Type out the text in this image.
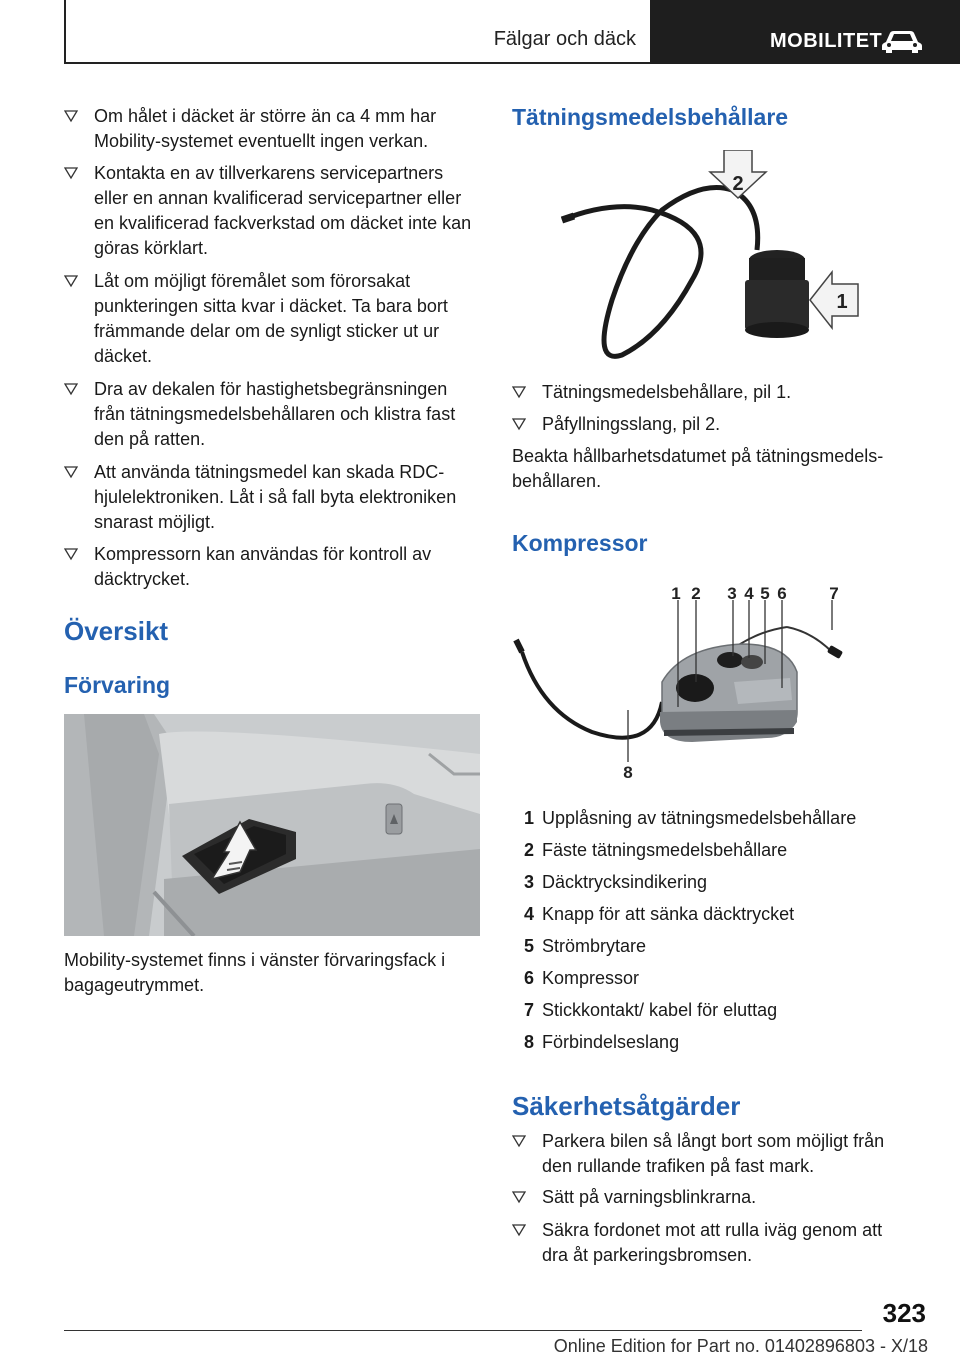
Fälgar och däck	MOBILITET
Om hålet i däcket är större än ca 4 mm har Mobility-systemet eventuellt ingen verkan.
Kontakta en av tillverkarens servicepartners eller en annan kvalificerad servicepartner eller en kvalificerad fackverkstad om däcket inte kan göras körklart.
Låt om möjligt föremålet som förorsakat punkteringen sitta kvar i däcket. Ta bara bort främmande delar om de synligt sticker ut ur däcket.
Dra av dekalen för hastighetsbegränsningen från tätningsmedelsbehållaren och klistra fast den på ratten.
Att använda tätningsmedel kan skada RDC-hjulelektroniken. Låt i så fall byta elektroniken snarast möjligt.
Kompressorn kan användas för kontroll av däcktrycket.
Översikt
Förvaring
Mobility-systemet finns i vänster förvaringsfack i bagageutrymmet.
Tätningsmedelsbehållare
2
1
Tätningsmedelsbehållare, pil 1.
Påfyllningsslang, pil 2.
Beakta hållbarhetsdatumet på tätningsmedels-behållaren.
Kompressor
1 2 3 4 5 6	7
8
1 Upplåsning av tätningsmedelsbehållare
2 Fäste tätningsmedelsbehållare
3 Däcktrycksindikering
4 Knapp för att sänka däcktrycket
5 Strömbrytare
6 Kompressor
7 Stickkontakt/ kabel för eluttag
8 Förbindelseslang
Säkerhetsåtgärder
Parkera bilen så långt bort som möjligt från den rullande trafiken på fast mark.
Sätt på varningsblinkrarna.
Säkra fordonet mot att rulla iväg genom att dra åt parkeringsbromsen.
323
Online Edition for Part no. 01402896803 - X/18
